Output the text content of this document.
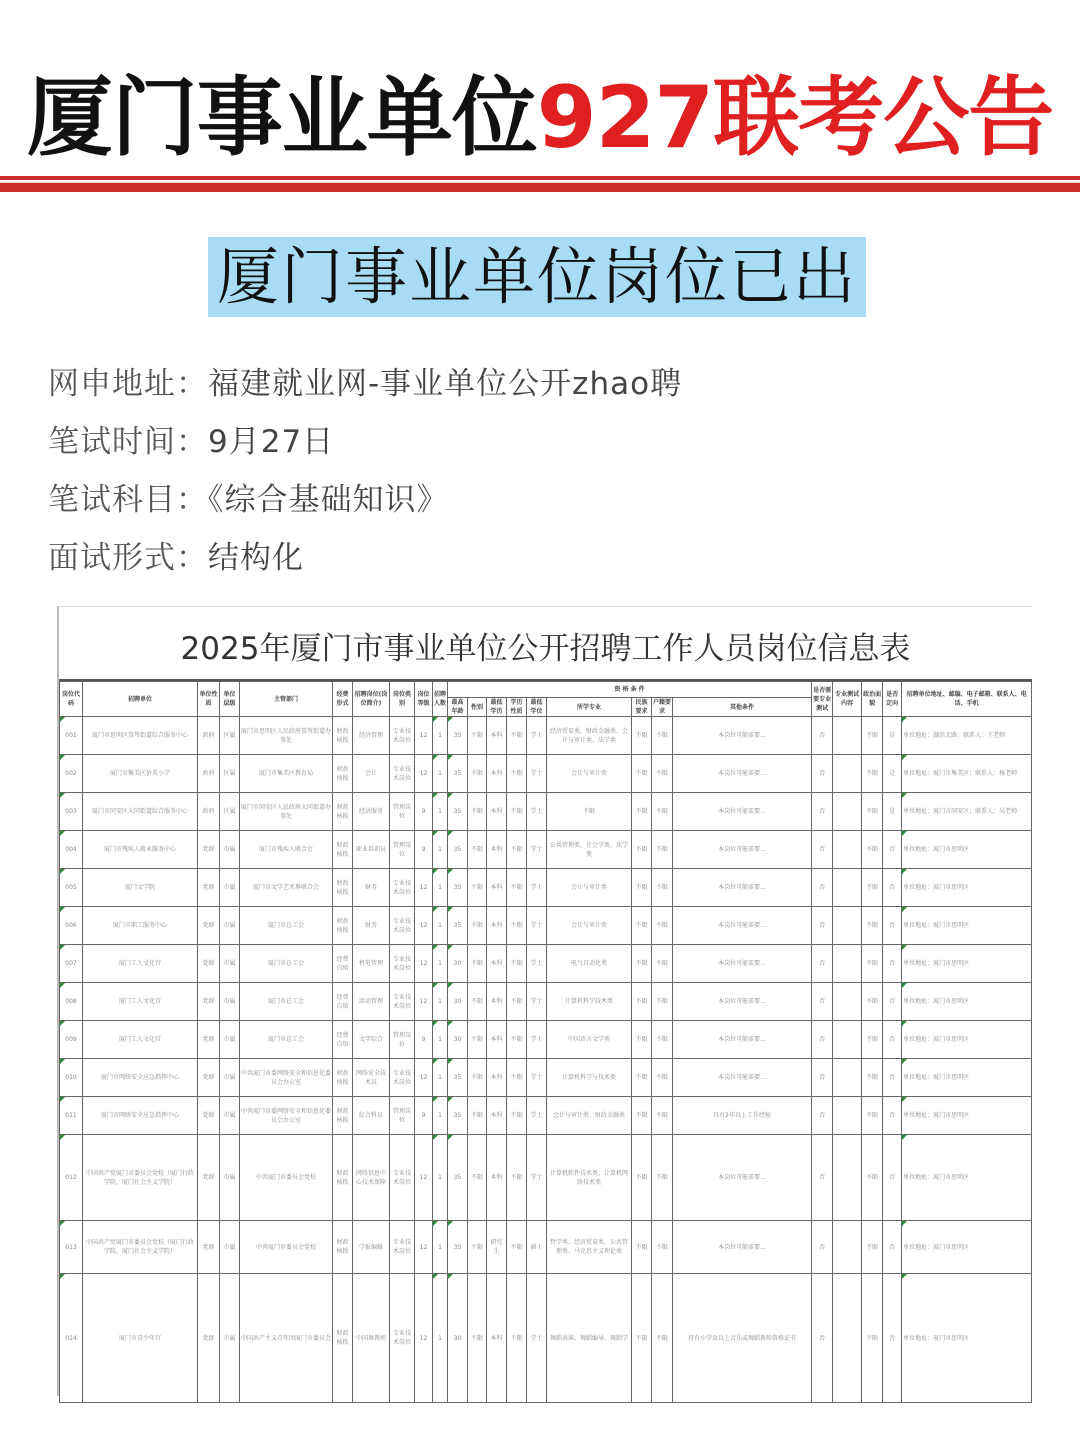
厦门事业单位927联考公告
厦门事业单位岗位已出
网申地址：福建就业网-事业单位公开zhao聘
笔试时间：9月27日
笔试科目：《综合基础知识》
面试形式：结构化
2025年厦门市事业单位公开招聘工作人员岗位信息表
岗位代码	招聘单位	单位性质	单位层级	主管部门	经费形式	招聘岗位(岗位简介)	岗位类别	岗位等级	招聘人数	资 格 条 件									是否需要专业测试	专业测试内容	政治面貌	是否定向	招聘单位地址、邮编、电子邮箱、联系人、电话、手机
										最高年龄	性别	最低学历	学历性质	最低学位	所学专业	民族要求	户籍要求	其他条件					
001	厦门市思明区筼筜街道综合服务中心	政府	区属	厦门市思明区人民政府筼筜街道办事处	财政核拨	经济管理	专业技术岗位	12	1	35	不限	本科	不限	学士	经济贸易类、财政金融类、会计与审计类、法学类	不限	不限	本岗位可能需要...	否		不限	是	单位地址：湖滨北路；联系人：王老师
002	厦门市集美区侨英小学	政府	区属	厦门市集美区教育局	财政核拨	会计	专业技术岗位	12	1	35	不限	本科	不限	学士	会计与审计类	不限	不限	本岗位可能需要...	否		不限	是	单位地址：厦门市集美区；联系人：杨老师
003	厦门市同安区大同街道综合服务中心	政府	区属	厦门市同安区人民政府大同街道办事处	财政核拨	经济服务	管理岗位	9	1	35	不限	本科	不限	学士	不限	不限	不限	本岗位可能需要...	否		不限	是	单位地址：厦门市同安区；联系人：吴老师
004	厦门市残疾人就业服务中心	党群	市属	厦门市残疾人联合会	财政核拨	职业培训员	管理岗位	9	1	35	不限	本科	不限	学士	公共管理类、社会学类、法学类	不限	不限	本岗位可能需要...	否		不限	否	单位地址：厦门市思明区
005	厦门文学院	党群	市属	厦门市文学艺术界联合会	财政核拨	财务	专业技术岗位	12	1	35	不限	本科	不限	学士	会计与审计类	不限	不限	本岗位可能需要...	否		不限	否	单位地址：厦门市思明区
006	厦门市职工服务中心	党群	市属	厦门市总工会	财政核拨	财务	专业技术岗位	12	1	35	不限	本科	不限	学士	会计与审计类	不限	不限	本岗位可能需要...	否		不限	否	单位地址：厦门市思明区
007	厦门工人文化宫	党群	市属	厦门市总工会	经费自给	机电管理	专业技术岗位	12	1	30	不限	本科	不限	学士	电气自动化类	不限	不限	本岗位可能需要...	否		不限	否	单位地址：厦门市思明区
008	厦门工人文化宫	党群	市属	厦门市总工会	经费自给	活动管理	专业技术岗位	12	1	30	不限	本科	不限	学士	计算机科学技术类	不限	不限	本岗位可能需要...	否		不限	否	单位地址：厦门市思明区
009	厦门工人文化宫	党群	市属	厦门市总工会	经费自给	文字综合	管理岗位	9	1	30	不限	本科	不限	学士	中国语言文学类	不限	不限	本岗位可能需要...	否		不限	否	单位地址：厦门市思明区
010	厦门市网络安全应急指挥中心	党群	市属	中共厦门市委网络安全和信息化委员会办公室	财政核拨	网络安全技术员	专业技术岗位	12	1	35	不限	本科	不限	学士	计算机科学与技术类	不限	不限	本岗位可能需要...	否		不限	否	单位地址：厦门市思明区
011	厦门市网络安全应急指挥中心	党群	市属	中共厦门市委网络安全和信息化委员会办公室	财政核拨	综合科员	管理岗位	9	1	35	不限	本科	不限	学士	会计与审计类、财政金融类	不限	不限	具有2年以上工作经验	否		不限	否	单位地址：厦门市思明区
012	中国共产党厦门市委员会党校（厦门行政学院、厦门社会主义学院）	党群	市属	中共厦门市委员会党校	财政核拨	网络信息中心技术保障	专业技术岗位	12	1	35	不限	本科	不限	学士	计算机软件技术类、计算机网络技术类	不限	不限	本岗位可能需要...	否		不限	否	单位地址：厦门市思明区
013	中国共产党厦门市委员会党校（厦门行政学院、厦门社会主义学院）	党群	市属	中共厦门市委员会党校	财政核拨	学报编辑	专业技术岗位	12	1	35	不限	研究生	不限	硕士	哲学类、经济贸易类、公共管理类、马克思主义理论类	不限	不限	本岗位可能需要...	否		不限	否	单位地址：厦门市思明区
014	厦门市青少年宫	党群	市属	中国共产主义青年团厦门市委员会	财政核拨	中国舞教师	专业技术岗位	12	1	30	不限	本科	不限	学士	舞蹈表演、舞蹈编导、舞蹈学	不限	不限	持有小学及以上音乐或舞蹈教师资格证书	否		不限	否	单位地址：厦门市思明区
